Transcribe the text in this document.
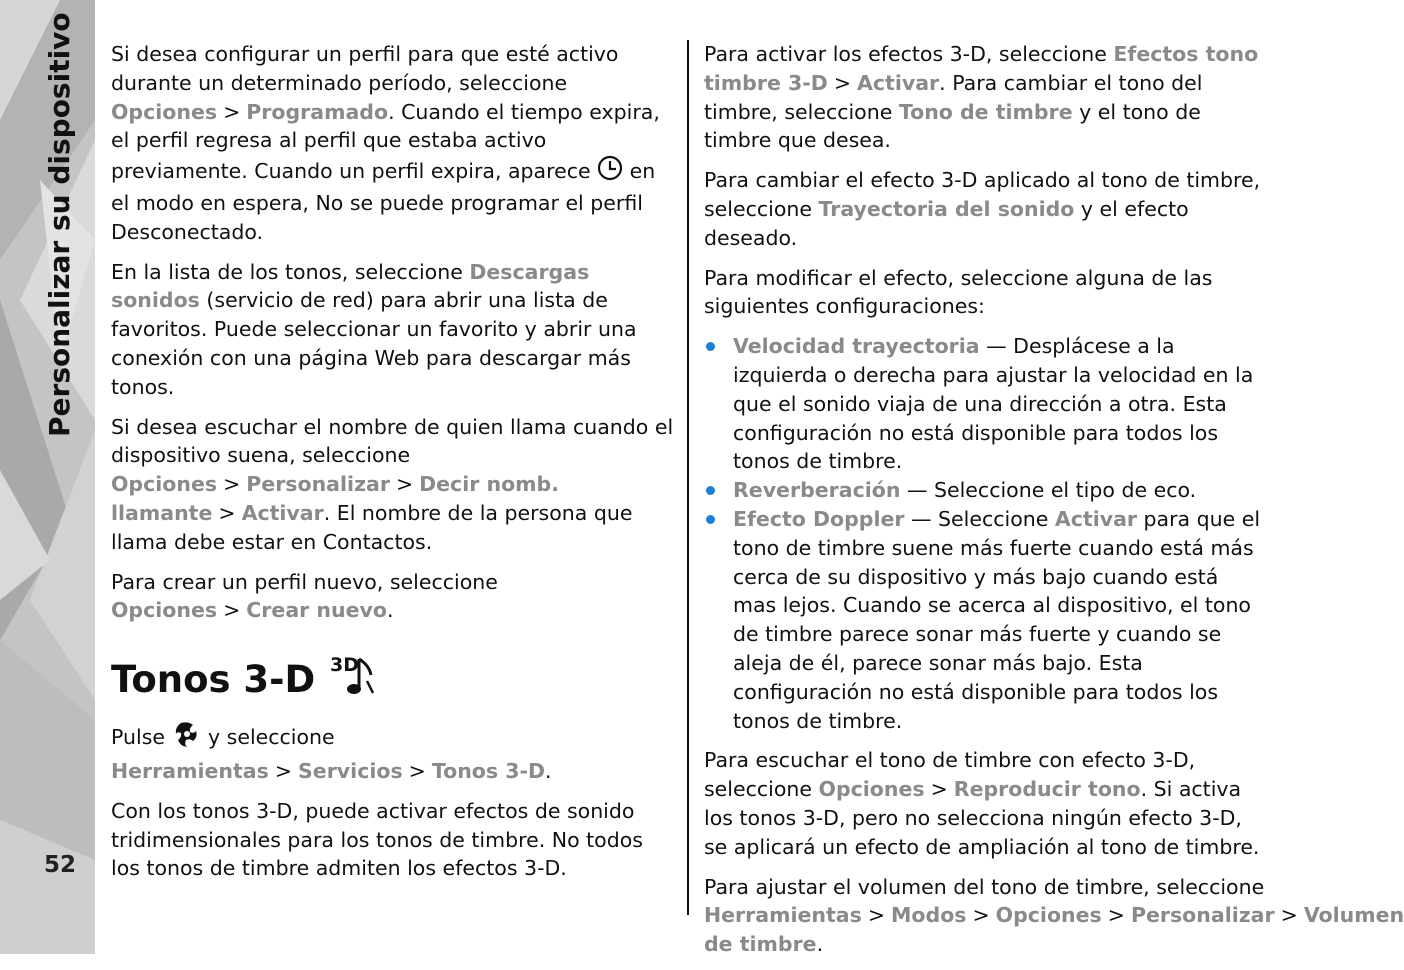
Personalizar su dispositivo
52

Si desea configurar un perfil para que esté activo durante un determinado período, seleccione Opciones > Programado. Cuando el tiempo expira, el perfil regresa al perfil que estaba activo previamente. Cuando un perfil expira, aparece  en el modo en espera, No se puede programar el perfil Desconectado.

En la lista de los tonos, seleccione Descargas sonidos (servicio de red) para abrir una lista de favoritos. Puede seleccionar un favorito y abrir una conexión con una página Web para descargar más tonos.

Si desea escuchar el nombre de quien llama cuando el dispositivo suena, seleccione Opciones > Personalizar > Decir nomb. llamante > Activar. El nombre de la persona que llama debe estar en Contactos.

Para crear un perfil nuevo, seleccione Opciones > Crear nuevo.

Tonos 3-D 3D

Pulse  y seleccione Herramientas > Servicios > Tonos 3-D.

Con los tonos 3-D, puede activar efectos de sonido tridimensionales para los tonos de timbre. No todos los tonos de timbre admiten los efectos 3-D.

Para activar los efectos 3-D, seleccione Efectos tono timbre 3-D > Activar. Para cambiar el tono del timbre, seleccione Tono de timbre y el tono de timbre que desea.

Para cambiar el efecto 3-D aplicado al tono de timbre, seleccione Trayectoria del sonido y el efecto deseado.

Para modificar el efecto, seleccione alguna de las siguientes configuraciones:

Velocidad trayectoria — Desplácese a la izquierda o derecha para ajustar la velocidad en la que el sonido viaja de una dirección a otra. Esta configuración no está disponible para todos los tonos de timbre.
Reverberación — Seleccione el tipo de eco.
Efecto Doppler — Seleccione Activar para que el tono de timbre suene más fuerte cuando está más cerca de su dispositivo y más bajo cuando está mas lejos. Cuando se acerca al dispositivo, el tono de timbre parece sonar más fuerte y cuando se aleja de él, parece sonar más bajo. Esta configuración no está disponible para todos los tonos de timbre.

Para escuchar el tono de timbre con efecto 3-D, seleccione Opciones > Reproducir tono. Si activa los tonos 3-D, pero no selecciona ningún efecto 3-D, se aplicará un efecto de ampliación al tono de timbre.

Para ajustar el volumen del tono de timbre, seleccione Herramientas > Modos > Opciones > Personalizar > Volumen de timbre.
